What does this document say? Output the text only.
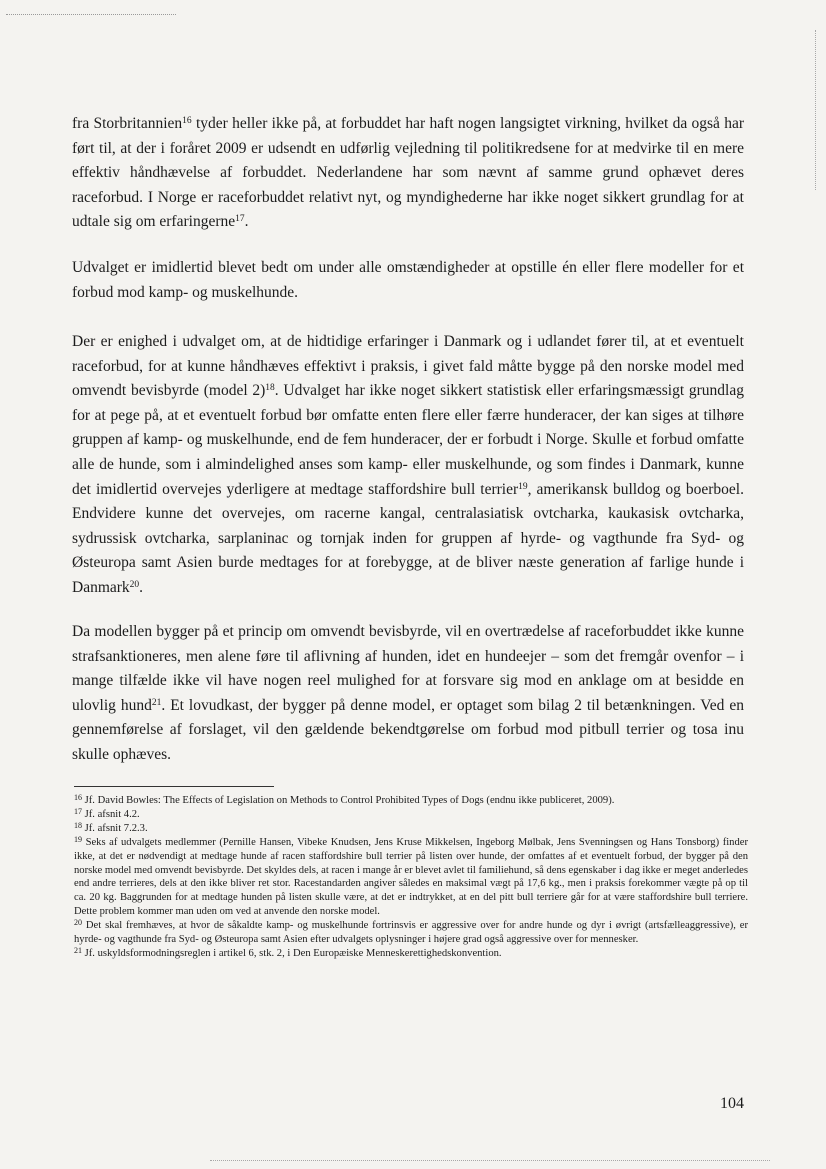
fra Storbritannien$^{16}$ tyder heller ikke på, at forbuddet har haft nogen langsigtet virkning, hvilket da også har ført til, at der i foråret 2009 er udsendt en udførlig vejledning til politikredsene for at medvirke til en mere effektiv håndhævelse af forbuddet. Nederlandene har som nævnt af samme grund ophævet deres raceforbud. I Norge er raceforbuddet relativt nyt, og myndighederne har ikke noget sikkert grundlag for at udtale sig om erfaringerne$^{17}$.

Udvalget er imidlertid blevet bedt om under alle omstændigheder at opstille én eller flere modeller for et forbud mod kamp- og muskelhunde.

Der er enighed i udvalget om, at de hidtidige erfaringer i Danmark og i udlandet fører til, at et eventuelt raceforbud, for at kunne håndhæves effektivt i praksis, i givet fald måtte bygge på den norske model med omvendt bevisbyrde (model 2)$^{18}$. Udvalget har ikke noget sikkert statistisk eller erfaringsmæssigt grundlag for at pege på, at et eventuelt forbud bør omfatte enten flere eller færre hunderacer, der kan siges at tilhøre gruppen af kamp- og muskelhunde, end de fem hunderacer, der er forbudt i Norge. Skulle et forbud omfatte alle de hunde, som i almindelighed anses som kamp- eller muskelhunde, og som findes i Danmark, kunne det imidlertid overvejes yderligere at medtage staffordshire bull terrier$^{19}$, amerikansk bulldog og boerboel. Endvidere kunne det overvejes, om racerne kangal, centralasiatisk ovtcharka, kaukasisk ovtcharka, sydrussisk ovtcharka, sarplaninac og tornjak inden for gruppen af hyrde- og vagthunde fra Syd- og Østeuropa samt Asien burde medtages for at forebygge, at de bliver næste generation af farlige hunde i Danmark$^{20}$.

Da modellen bygger på et princip om omvendt bevisbyrde, vil en overtrædelse af raceforbuddet ikke kunne strafsanktioneres, men alene føre til aflivning af hunden, idet en hundeejer – som det fremgår ovenfor – i mange tilfælde ikke vil have nogen reel mulighed for at forsvare sig mod en anklage om at besidde en ulovlig hund$^{21}$. Et lovudkast, der bygger på denne model, er optaget som bilag 2 til betænkningen. Ved en gennemførelse af forslaget, vil den gældende bekendtgørelse om forbud mod pitbull terrier og tosa inu skulle ophæves.

$^{16}$ Jf. David Bowles: The Effects of Legislation on Methods to Control Prohibited Types of Dogs (endnu ikke publiceret, 2009).

$^{17}$ Jf. afsnit 4.2.

$^{18}$ Jf. afsnit 7.2.3.

$^{19}$ Seks af udvalgets medlemmer (Pernille Hansen, Vibeke Knudsen, Jens Kruse Mikkelsen, Ingeborg Mølbak, Jens Svenningsen og Hans Tonsborg) finder ikke, at det er nødvendigt at medtage hunde af racen staffordshire bull terrier på listen over hunde, der omfattes af et eventuelt forbud, der bygger på den norske model med omvendt bevisbyrde. Det skyldes dels, at racen i mange år er blevet avlet til familiehund, så dens egenskaber i dag ikke er meget anderledes end andre terrieres, dels at den ikke bliver ret stor. Racestandarden angiver således en maksimal vægt på 17,6 kg., men i praksis forekommer vægte på op til ca. 20 kg. Baggrunden for at medtage hunden på listen skulle være, at det er indtrykket, at en del pitt bull terriere går for at være staffordshire bull terriere. Dette problem kommer man uden om ved at anvende den norske model.

$^{20}$ Det skal fremhæves, at hvor de såkaldte kamp- og muskelhunde fortrinsvis er aggressive over for andre hunde og dyr i øvrigt (artsfælleaggressive), er hyrde- og vagthunde fra Syd- og Østeuropa samt Asien efter udvalgets oplysninger i højere grad også aggressive over for mennesker.

$^{21}$ Jf. uskyldsformodningsreglen i artikel 6, stk. 2, i Den Europæiske Menneskerettighedskonvention.

104
